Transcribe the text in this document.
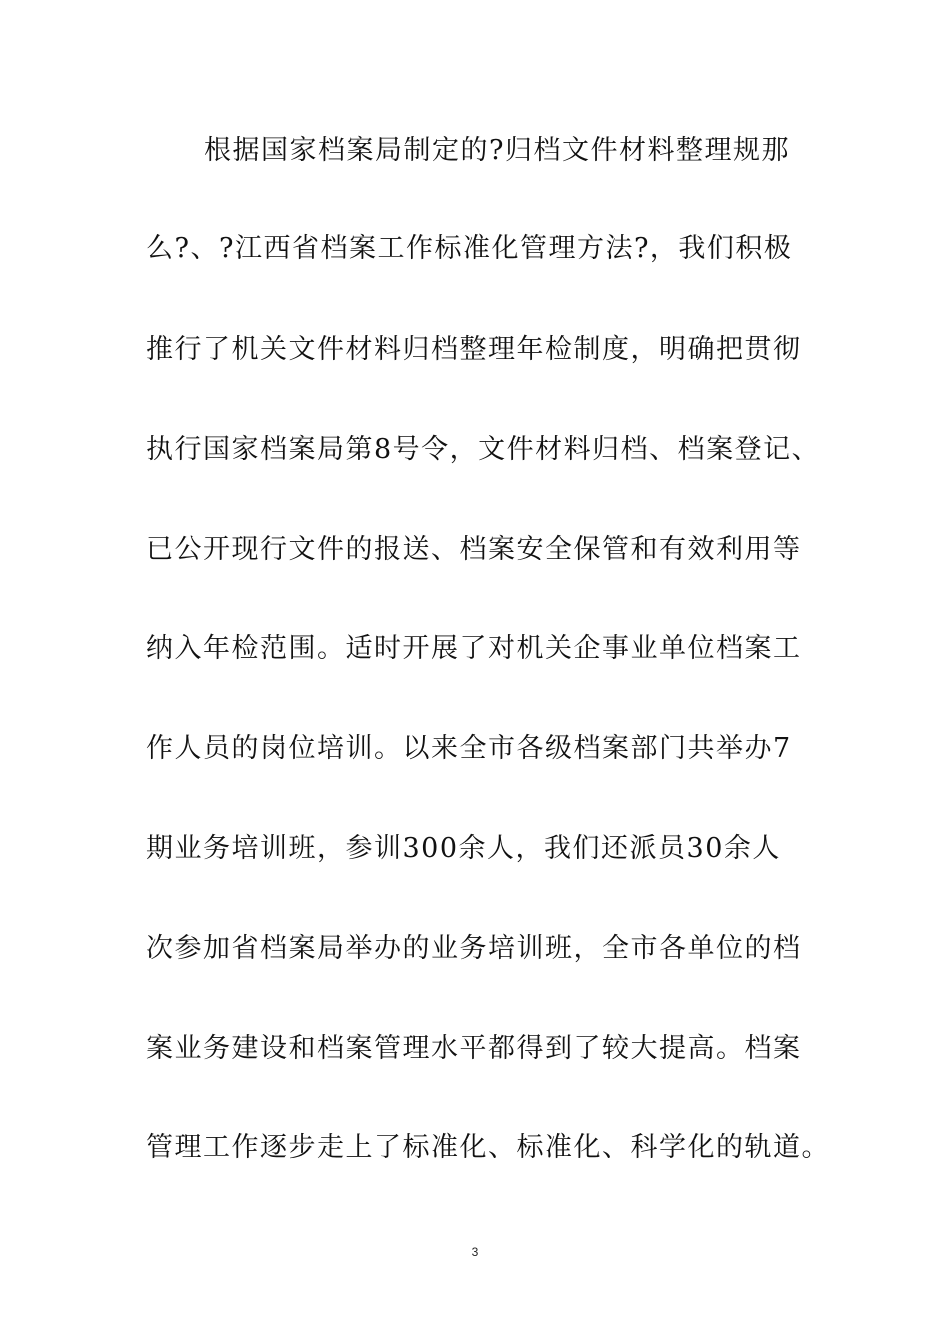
根据国家档案局制定的?归档文件材料整理规那
么?、?江西省档案工作标准化管理方法?，我们积极
推行了机关文件材料归档整理年检制度，明确把贯彻
执行国家档案局第8号令，文件材料归档、档案登记、
已公开现行文件的报送、档案安全保管和有效利用等
纳入年检范围。适时开展了对机关企事业单位档案工
作人员的岗位培训。以来全市各级档案部门共举办7
期业务培训班，参训300余人，我们还派员30余人
次参加省档案局举办的业务培训班，全市各单位的档
案业务建设和档案管理水平都得到了较大提高。档案
管理工作逐步走上了标准化、标准化、科学化的轨道。
3
